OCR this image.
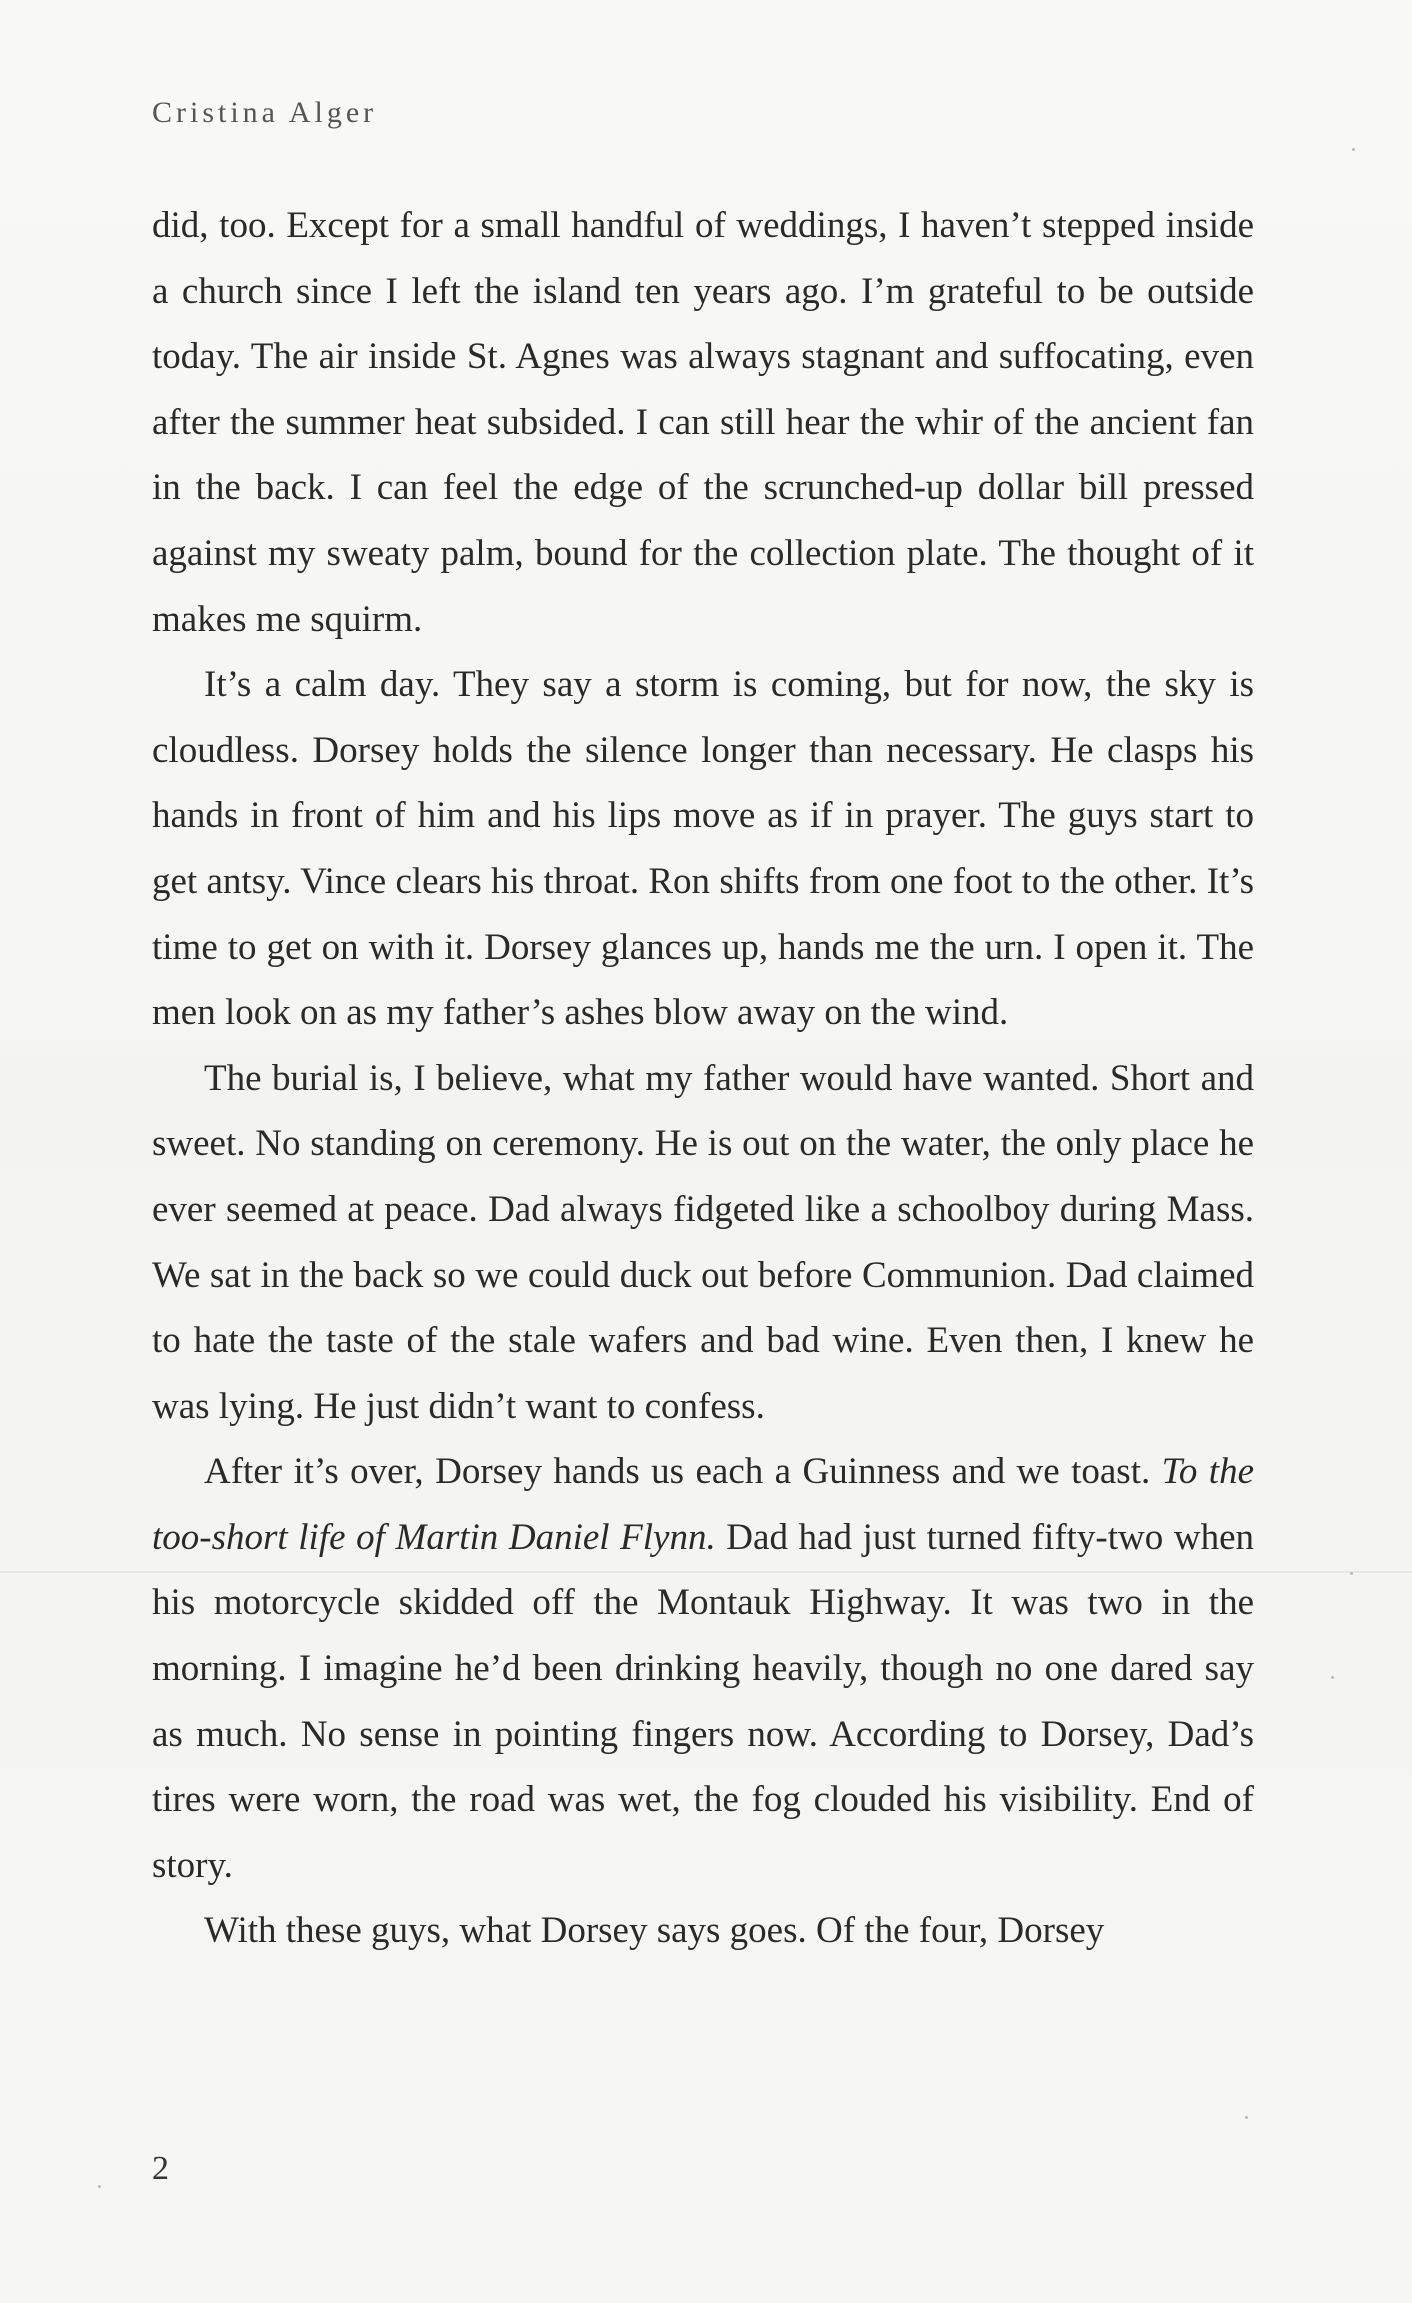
Cristina Alger

did, too. Except for a small handful of weddings, I haven’t stepped inside a church since I left the island ten years ago. I’m grateful to be outside today. The air inside St. Agnes was always stagnant and suffocating, even after the summer heat subsided. I can still hear the whir of the ancient fan in the back. I can feel the edge of the scrunched-up dollar bill pressed against my sweaty palm, bound for the collection plate. The thought of it makes me squirm.

It’s a calm day. They say a storm is coming, but for now, the sky is cloudless. Dorsey holds the silence longer than necessary. He clasps his hands in front of him and his lips move as if in prayer. The guys start to get antsy. Vince clears his throat. Ron shifts from one foot to the other. It’s time to get on with it. Dorsey glances up, hands me the urn. I open it. The men look on as my father’s ashes blow away on the wind.

The burial is, I believe, what my father would have wanted. Short and sweet. No standing on ceremony. He is out on the water, the only place he ever seemed at peace. Dad always fidgeted like a schoolboy during Mass. We sat in the back so we could duck out before Communion. Dad claimed to hate the taste of the stale wafers and bad wine. Even then, I knew he was lying. He just didn’t want to confess.

After it’s over, Dorsey hands us each a Guinness and we toast. To the too-short life of Martin Daniel Flynn. Dad had just turned fifty-two when his motorcycle skidded off the Montauk Highway. It was two in the morning. I imagine he’d been drinking heavily, though no one dared say as much. No sense in pointing fingers now. According to Dorsey, Dad’s tires were worn, the road was wet, the fog clouded his visibility. End of story.

With these guys, what Dorsey says goes. Of the four, Dorsey

2
